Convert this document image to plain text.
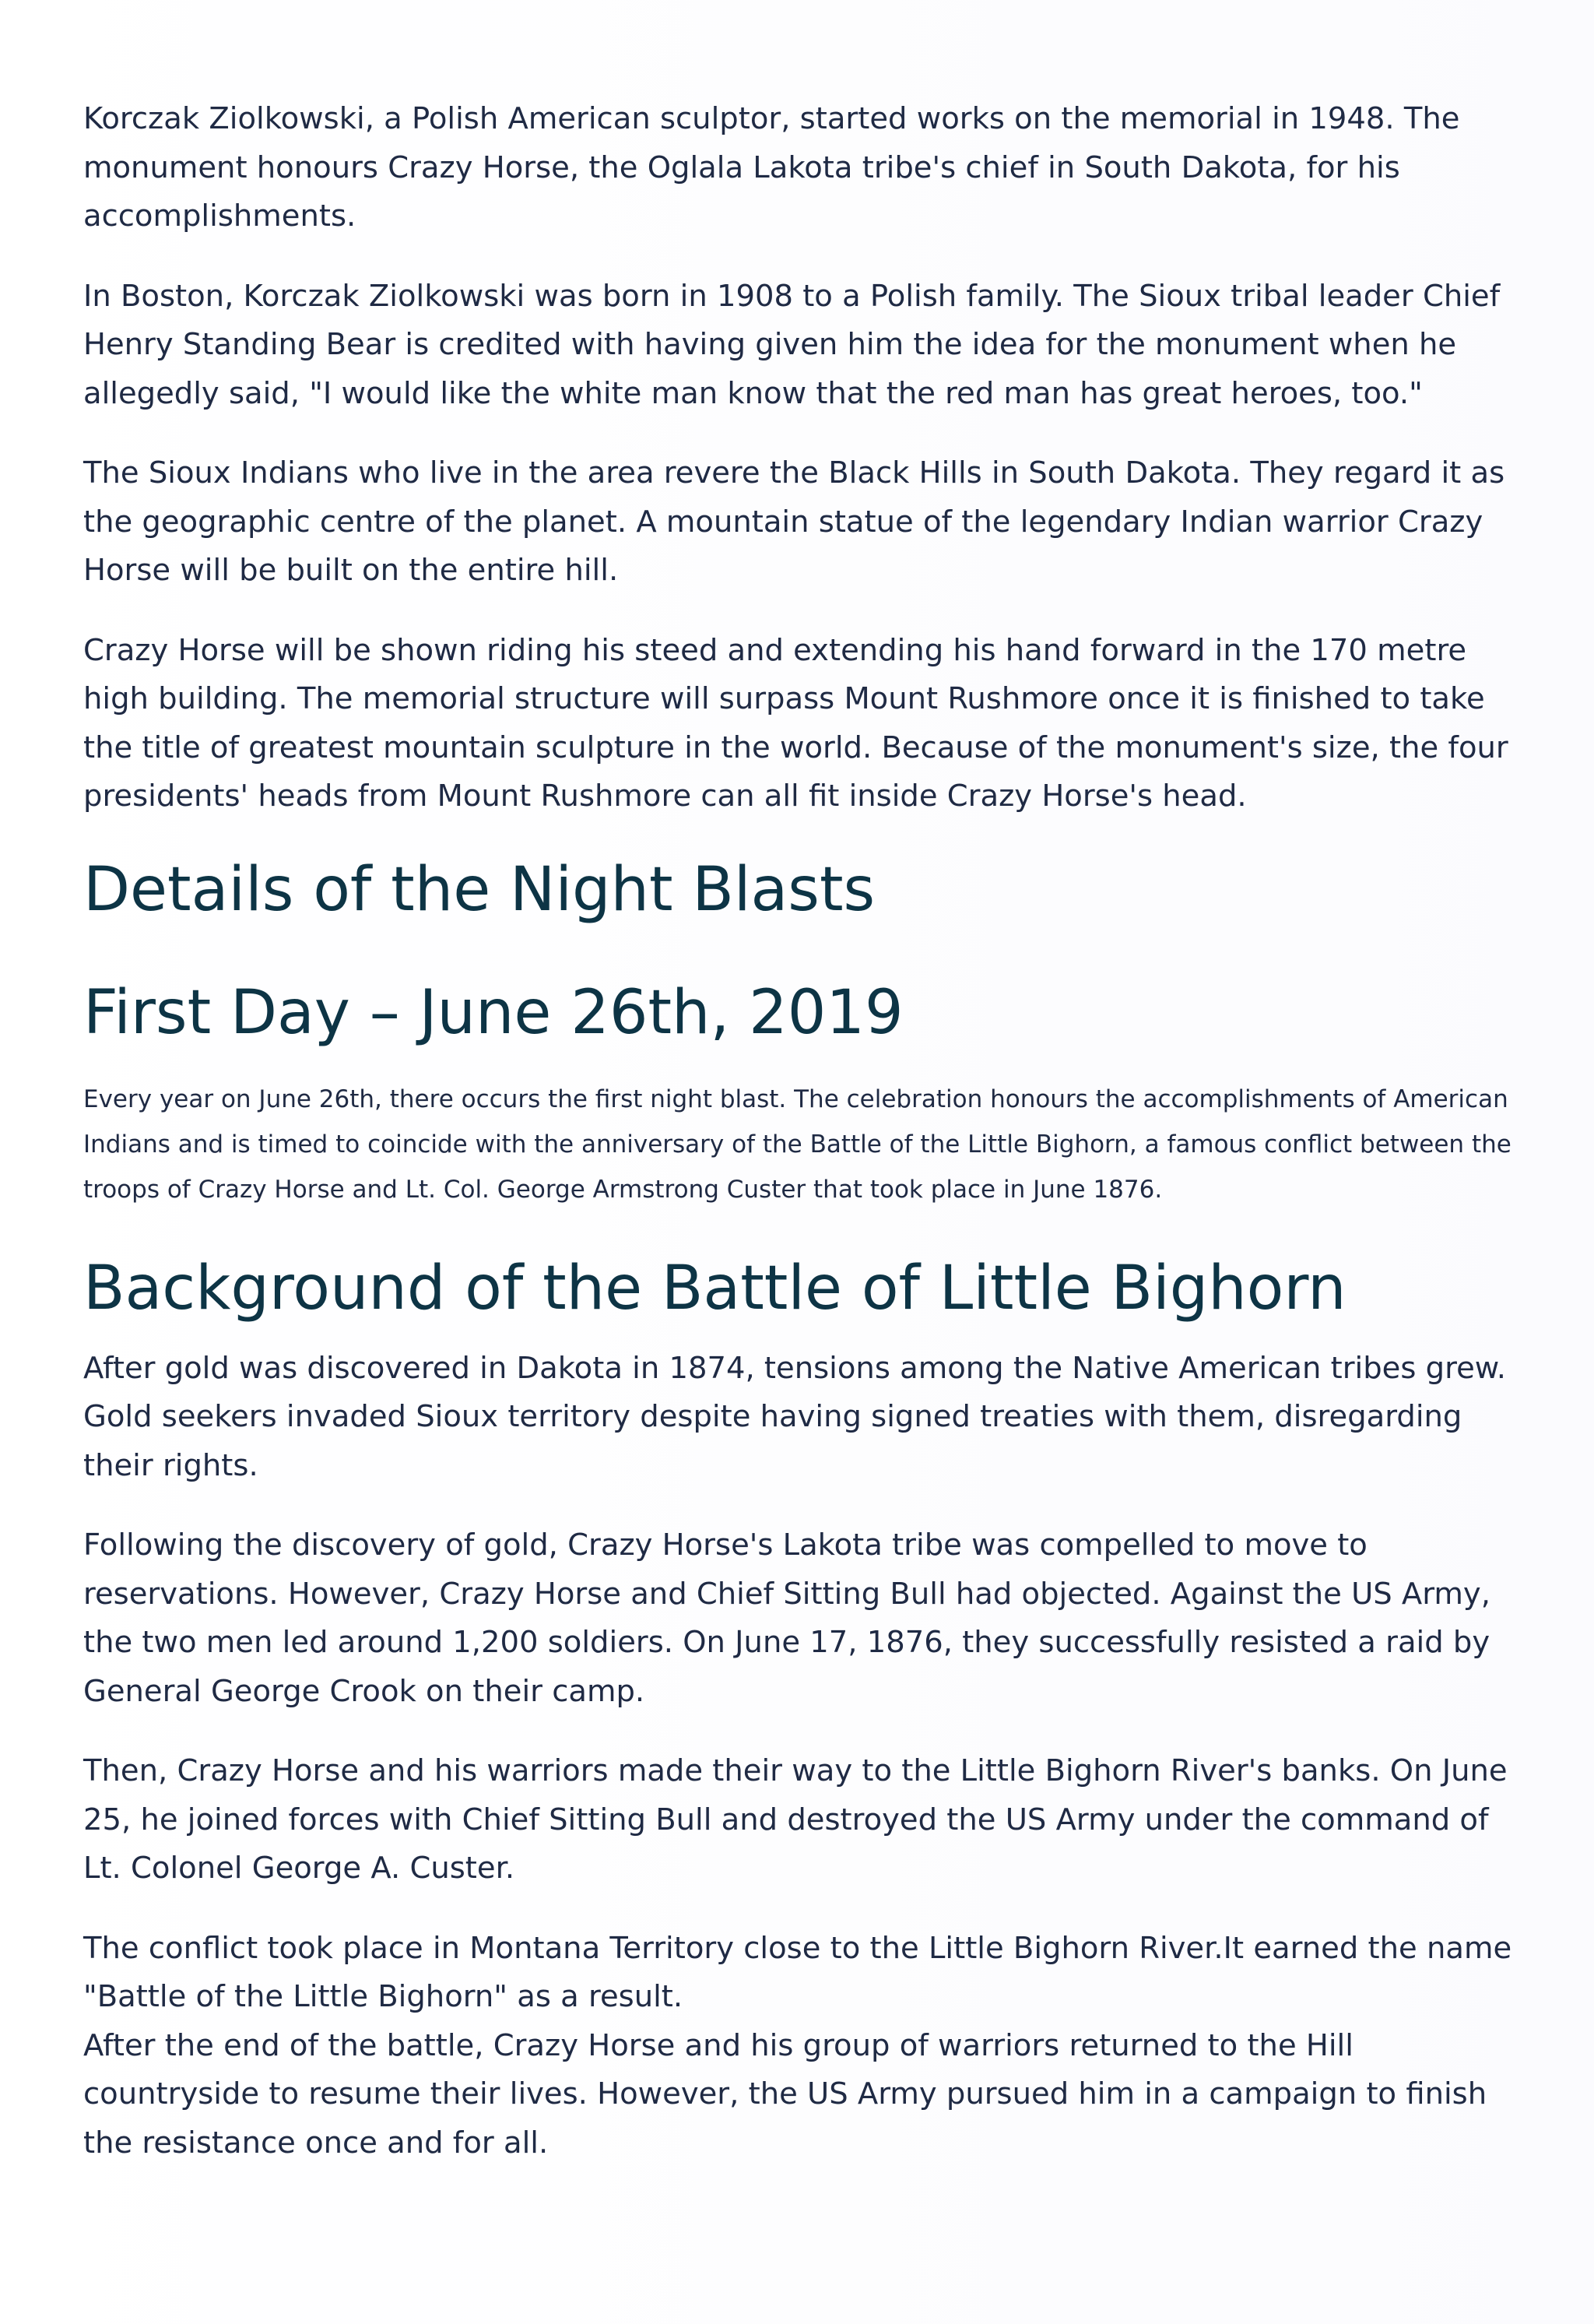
Korczak Ziolkowski, a Polish American sculptor, started works on the memorial in 1948. The monument honours Crazy Horse, the Oglala Lakota tribe's chief in South Dakota, for his accomplishments.

In Boston, Korczak Ziolkowski was born in 1908 to a Polish family. The Sioux tribal leader Chief Henry Standing Bear is credited with having given him the idea for the monument when he allegedly said, "I would like the white man know that the red man has great heroes, too."

The Sioux Indians who live in the area revere the Black Hills in South Dakota. They regard it as the geographic centre of the planet. A mountain statue of the legendary Indian warrior Crazy Horse will be built on the entire hill.

Crazy Horse will be shown riding his steed and extending his hand forward in the 170 metre high building. The memorial structure will surpass Mount Rushmore once it is finished to take the title of greatest mountain sculpture in the world. Because of the monument's size, the four presidents' heads from Mount Rushmore can all fit inside Crazy Horse's head.

Details of the Night Blasts
First Day – June 26th, 2019

Every year on June 26th, there occurs the first night blast. The celebration honours the accomplishments of American Indians and is timed to coincide with the anniversary of the Battle of the Little Bighorn, a famous conflict between the troops of Crazy Horse and Lt. Col. George Armstrong Custer that took place in June 1876.

Background of the Battle of Little Bighorn

After gold was discovered in Dakota in 1874, tensions among the Native American tribes grew. Gold seekers invaded Sioux territory despite having signed treaties with them, disregarding their rights.

Following the discovery of gold, Crazy Horse's Lakota tribe was compelled to move to reservations. However, Crazy Horse and Chief Sitting Bull had objected. Against the US Army, the two men led around 1,200 soldiers. On June 17, 1876, they successfully resisted a raid by General George Crook on their camp.

Then, Crazy Horse and his warriors made their way to the Little Bighorn River's banks. On June 25, he joined forces with Chief Sitting Bull and destroyed the US Army under the command of Lt. Colonel George A. Custer.

The conflict took place in Montana Territory close to the Little Bighorn River.It earned the name "Battle of the Little Bighorn" as a result.

After the end of the battle, Crazy Horse and his group of warriors returned to the Hill countryside to resume their lives. However, the US Army pursued him in a campaign to finish the resistance once and for all.
